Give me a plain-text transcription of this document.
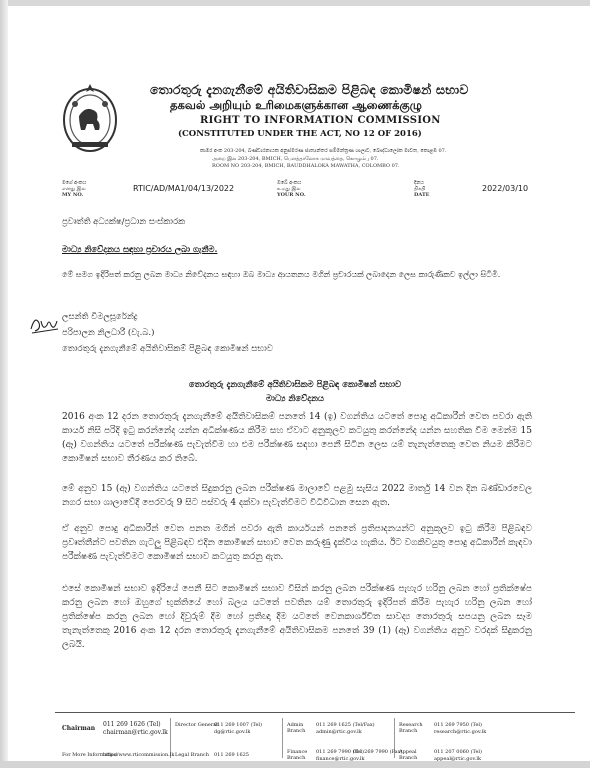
තොරතුරු දැනගැනීමේ අයිතිවාසිකම පිළිබඳ කොමිෂන් සභාව
தகவல் அறியும் உரிமைகளுக்கான ஆணைக்குழு
RIGHT TO INFORMATION COMMISSION
(CONSTITUTED UNDER THE ACT, NO 12 OF 2016)
කාමර අංක 203-204, බණ්ඩාරනායක අනුස්මරණ ජාත්‍යන්තර සම්මන්ත්‍රණ ශාලාව, බෞද්ධාලෝක මාවත, කොළඹ 07.
அறை இல 203-204, BMICH, பௌத்தாலோக மாவத்தை, கொழும்பு 07.
ROOM NO 203-204, BMICH, BAUDDHALOKA MAWATHA, COLOMBO 07.
මගේ අංකය
எனது இல
MY NO.
RTIC/AD/MA1/04/13/2022
ඔබේ අංකය
உமது இல
YOUR NO.
දිනය
திகதி
DATE
2022/03/10
ප්‍රවෘත්ති අධ්‍යක්ෂ/ප්‍රධාන සංස්කාරක
මාධ්‍ය නිවේදනය සඳහා ප්‍රචාරය ලබා ගැනීම.
මේ සමග ඉදිරිපත් කරනු ලබන මාධ්‍ය නිවේදනය සඳහා ඔබ මාධ්‍ය ආයතනය මගින් ප්‍රචාරයක් ලබාදෙන ලෙස කාරුණිකව ඉල්ලා සිටිමි.
ලසන්ති විමලසූරේන්ද්‍ර
පරිපාලන නිලධාරී (වැ.බ.)
තොරතුරු දැනගැනීමේ අයිතිවාසිකම් පිළිබඳ කොමිෂන් සභාව
තොරතුරු දැනගැනීමේ අයිතිවාසිකම පිළිබඳ කොමිෂන් සභාව
මාධ්‍ය නිවේදනය
2016 අංක 12 දරන තොරතුරු දැනගැනීමේ අයිතිවාසිකම් පනතේ 14 (ඉ) වගන්තිය යටතේ පොදු අධිකාරීන් වෙත පවරා ඇති කාර්ය නිසි පරිදි ඉටු කරන්නේද යන්න අධීක්ෂණය කිරීම සහ ඒවාට අනුකූලව කටයුතු කරන්නේද යන්න සහතික වීම මෙන්ම 15 (ඈ) වගන්තිය යටතේ පරීක්ෂණ පැවැත්වීම හා එම පරීක්ෂණ සඳහා පෙනී සිටින ලෙස යම් තැනැත්තෙකු වෙත නියම කිරීමට කොමිෂන් සභාව තීරණය කර තිබේ.
මේ අනුව 15 (ඈ) වගන්තිය යටතේ සිදුකරනු ලබන පරීක්ෂණ මාලාවේ පළමු සැසිය 2022 මාර්තු 14 වන දින බණ්ඩාරවෙල නගර සභා ශාලාවේදී පෙරවරු 9 සිට පස්වරු 4 දක්වා පැවැත්වීමට විධිවිධාන සෙන ඇත.
ඒ අනුව පොදු අධිකාරීන් වෙත පනත මගින් පවරා ඇති කාර්යයන් පනතේ ප්‍රතිපාදනයන්ට අනුකූලව ඉටු කිරීම පිළිබඳව ප්‍රවෘත්තීන්ට පවතින ගැටලු පිළිබඳව එදින කොමිෂන් සභාව වෙත කරුණු දැක්විය හැකිය. ඊට වගකිවයුතු පොදු අධිකාරීන් කැඳවා පරීක්ෂණ පැවැත්වීමට කොමිෂන් සභාව කටයුතු කරනු ඇත.
එසේ කොමිෂන් සභාව ඉදිරියේ පෙනී සිට කොමිෂන් සභාව විසින් කරනු ලබන පරීක්ෂණ පැහැර හරිනු ලබන හෝ ප්‍රතික්ෂේප කරනු ලබන හෝ ඔහුගේ භුක්තියේ හෝ බලය යටතේ පවතින යම් තොරතුරු ඉදිරිපත් කිරීම පැහැර හරිනු ලබන හෝ ප්‍රතික්ෂේප කරනු ලබන හෝ දිවුරුම් දීම හෝ ප්‍රතිඥා දීම යටතේ වෙනකාර්ශ්චිත සාවද්‍ය තොරතුරු සපයනු ලබන සෑම තැනැත්තෙකු 2016 අංක 12 දරන තොරතුරු දැනගැනීමේ අයිතිවාසිකම පනතේ 39 (1) (ඈ) වගන්තිය අනුව වරදක් සිදුකරනු ලබයි.
Chairman
011 269 1626 (Tel)
chairman@rtic.gov.lk
Director General
011 269 1007 (Tel)
dg@rtic.gov.lk
Admin Branch
011 269 1625 (Tel/Fax)
admin@rtic.gov.lk
Research Branch
011 269 7950 (Tel)
research@rtic.gov.lk
For More Information
http://www.rticommission.lk Legal Branch 011 269 1625	Finance Branch
011 269 7990 (Tel)
011 269 7990 (Fax)
finance@rtic.gov.lk
Appeal Branch
011 207 0060 (Tel)
appeal@rtic.gov.lk
